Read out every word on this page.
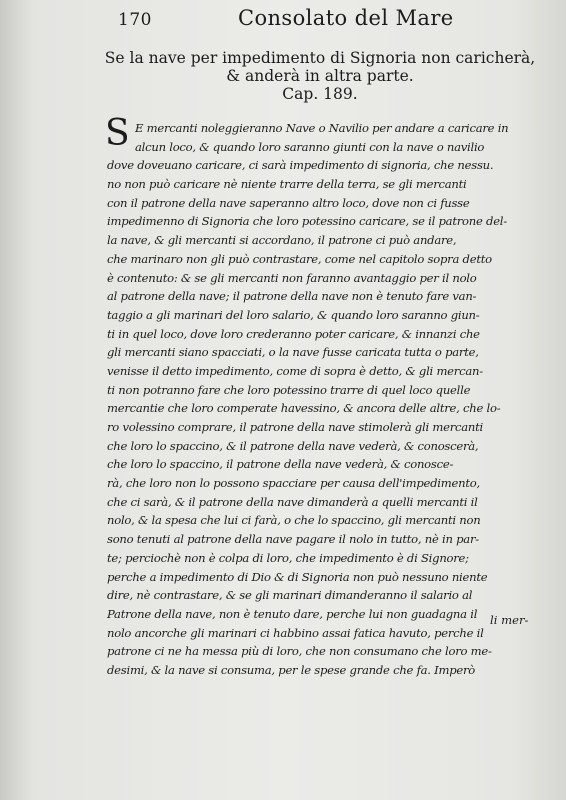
170	Consolato del Mare
Se la nave per impedimento di Signoria non caricherà,
& anderà in altra parte.
Cap. 189.
S E mercanti noleggieranno Nave o Navilio per andare a caricare in
alcun loco, & quando loro saranno giunti con la nave o navilio
dove doveuano caricare, ci sarà impedimento di signoria, che nessu.
no non può caricare nè niente trarre della terra, se gli mercanti
con il patrone della nave saperanno altro loco, dove non ci fusse
impedimenno di Signoria che loro potessino caricare, se il patrone del-
la nave, & gli mercanti si accordano, il patrone ci può andare,
che marinaro non gli può contrastare, come nel capitolo sopra detto
è contenuto: & se gli mercanti non faranno avantaggio per il nolo
al patrone della nave; il patrone della nave non è tenuto fare van-
taggio a gli marinari del loro salario, & quando loro saranno giun-
ti in quel loco, dove loro crederanno poter caricare, & innanzi che
gli mercanti siano spacciati, o la nave fusse caricata tutta o parte,
venisse il detto impedimento, come di sopra è detto, & gli mercan-
ti non potranno fare che loro potessino trarre di quel loco quelle
mercantie che loro comperate havessino, & ancora delle altre, che lo-
ro volessino comprare, il patrone della nave stimolerà gli mercanti
che loro lo spaccino, & il patrone della nave vederà, & conoscerà,
che loro lo spaccino, il patrone della nave vederà, & conosce-
rà, che loro non lo possono spacciare per causa dell'impedimento,
che ci sarà, & il patrone della nave dimanderà a quelli mercanti il
nolo, & la spesa che lui ci farà, o che lo spaccino, gli mercanti non
sono tenuti al patrone della nave pagare il nolo in tutto, nè in par-
te; perciochè non è colpa di loro, che impedimento è di Signore;
perche a impedimento di Dio & di Signoria non può nessuno niente
dire, nè contrastare, & se gli marinari dimanderanno il salario al
Patrone della nave, non è tenuto dare, perche lui non guadagna il
nolo ancorche gli marinari ci habbino assai fatica havuto, perche il
patrone ci ne ha messa più di loro, che non consumano che loro me-
desimi, & la nave si consuma, per le spese grande che fa. Imperò
li mer-
